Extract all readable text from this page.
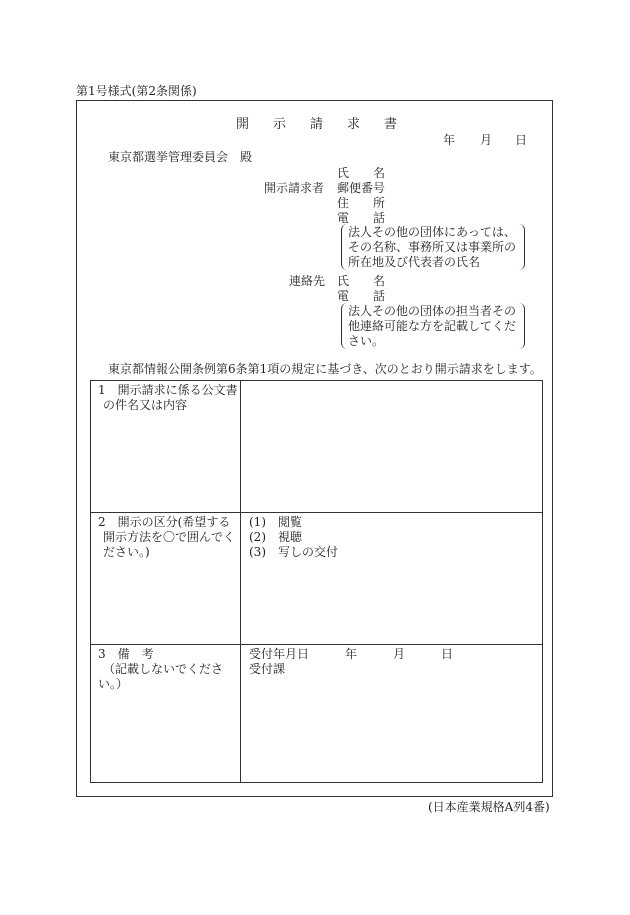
第1号様式(第2条関係)
開 示 請 求 書
年 月 日
東京都選挙管理委員会　殿
氏　　名
開示請求者 郵便番号
住　　所
電　　話
法人その他の団体にあっては、
その名称、事務所又は事業所の
所在地及び代表者の氏名
連絡先 氏　　名
電　　話
法人その他の団体の担当者その
他連絡可能な方を記載してくだ
さい。
東京都情報公開条例第6条第1項の規定に基づき、次のとおり開示請求をします。
1　開示請求に係る公文書
の件名又は内容
2　開示の区分(希望する
開示方法を〇で囲んでく
ださい。)
(1)　閲覧
(2)　視聴
(3)　写しの交付
3　備　考
（記載しないでくださ
い。）
受付年月日　　　年　　　月　　　日
受付課
(日本産業規格A列4番)
